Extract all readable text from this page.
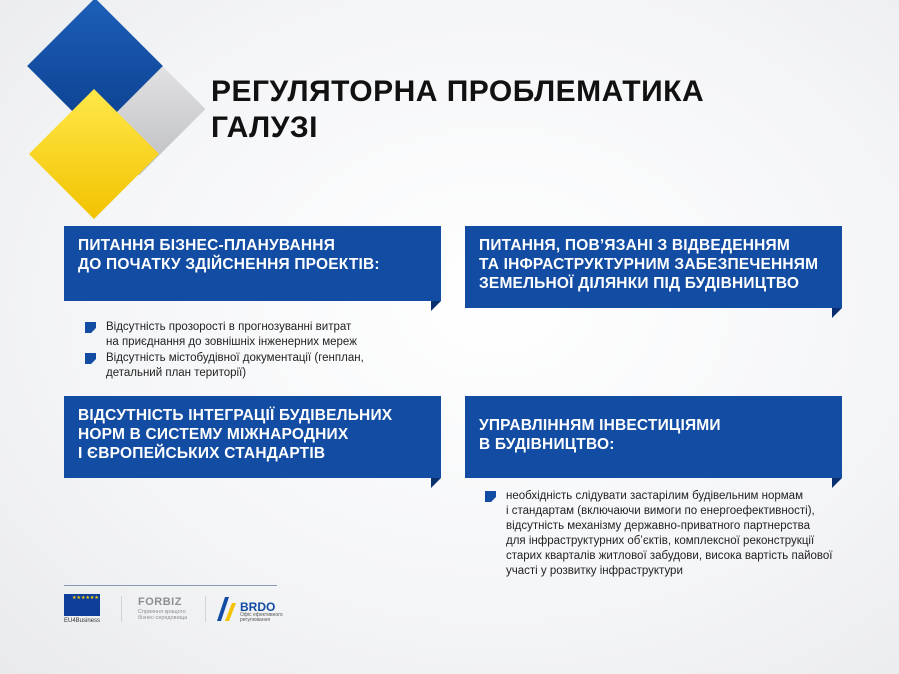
РЕГУЛЯТОРНА ПРОБЛЕМАТИКА
ГАЛУЗІ
ПИТАННЯ БІЗНЕС-ПЛАНУВАННЯ
ДО ПОЧАТКУ ЗДІЙСНЕННЯ ПРОЕКТІВ:
ПИТАННЯ, ПОВ’ЯЗАНІ З ВІДВЕДЕННЯМ
ТА ІНФРАСТРУКТУРНИМ ЗАБЕЗПЕЧЕННЯМ
ЗЕМЕЛЬНОЇ ДІЛЯНКИ ПІД БУДІВНИЦТВО
ВІДСУТНІСТЬ ІНТЕГРАЦІЇ БУДІВЕЛЬНИХ
НОРМ В СИСТЕМУ МІЖНАРОДНИХ
І ЄВРОПЕЙСЬКИХ СТАНДАРТІВ
УПРАВЛІННЯМ ІНВЕСТИЦІЯМИ
В БУДІВНИЦТВО:
Відсутність прозорості в прогнозуванні витрат
на приєднання до зовнішніх інженерних мереж
Відсутність містобудівної документації (генплан,
детальний план території)
необхідність слідувати застарілим будівельним нормам
і стандартам (включаючи вимоги по енергоефективності),
відсутність механізму державно-приватного партнерства
для інфраструктурних об’єктів, комплексної реконструкції
старих кварталів житлової забудови, висока вартість пайової
участі у розвитку інфраструктури
★★★★★★
EU4Business
FORBIZ
Сприяння кращого бізнес-середовища
BRDO
Офіс ефективного регулювання
